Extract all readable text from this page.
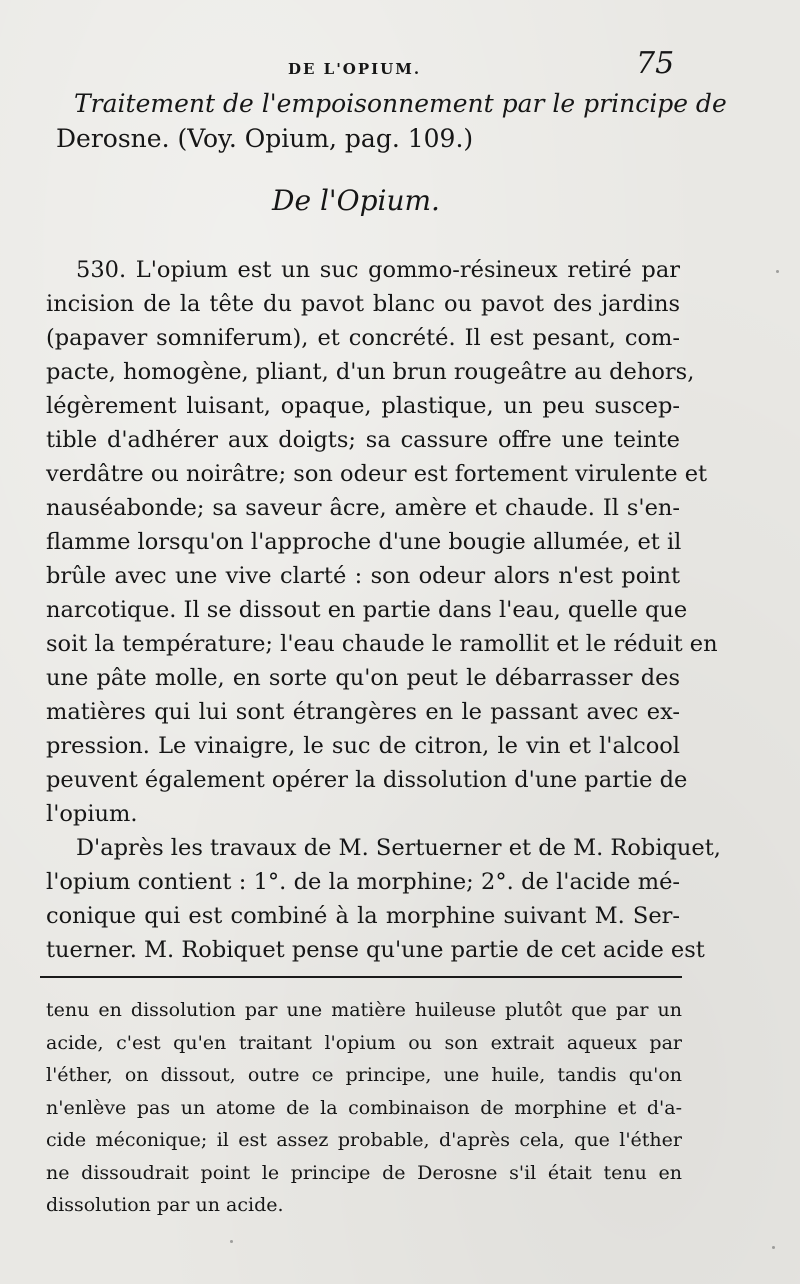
DE L'OPIUM.	75
Traitement de l'empoisonnement par le principe de
Derosne. (Voy. Opium, pag. 109.)
De l'Opium.
530. L'opium est un suc gommo-résineux retiré par
incision de la tête du pavot blanc ou pavot des jardins
(papaver somniferum), et concrété. Il est pesant, com-
pacte, homogène, pliant, d'un brun rougeâtre au dehors,
légèrement luisant, opaque, plastique, un peu suscep-
tible d'adhérer aux doigts; sa cassure offre une teinte
verdâtre ou noirâtre; son odeur est fortement virulente et
nauséabonde; sa saveur âcre, amère et chaude. Il s'en-
flamme lorsqu'on l'approche d'une bougie allumée, et il
brûle avec une vive clarté : son odeur alors n'est point
narcotique. Il se dissout en partie dans l'eau, quelle que
soit la température; l'eau chaude le ramollit et le réduit en
une pâte molle, en sorte qu'on peut le débarrasser des
matières qui lui sont étrangères en le passant avec ex-
pression. Le vinaigre, le suc de citron, le vin et l'alcool
peuvent également opérer la dissolution d'une partie de
l'opium.
D'après les travaux de M. Sertuerner et de M. Robiquet,
l'opium contient : 1°. de la morphine; 2°. de l'acide mé-
conique qui est combiné à la morphine suivant M. Ser-
tuerner. M. Robiquet pense qu'une partie de cet acide est
tenu en dissolution par une matière huileuse plutôt que par un
acide, c'est qu'en traitant l'opium ou son extrait aqueux par
l'éther, on dissout, outre ce principe, une huile, tandis qu'on
n'enlève pas un atome de la combinaison de morphine et d'a-
cide méconique; il est assez probable, d'après cela, que l'éther
ne dissoudrait point le principe de Derosne s'il était tenu en
dissolution par un acide.
